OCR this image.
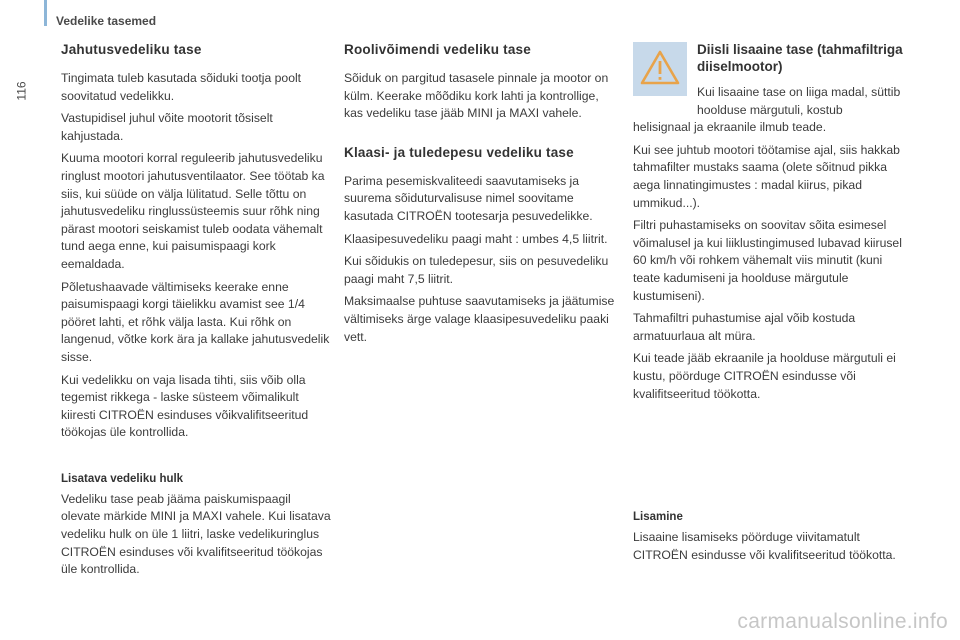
Vedelike tasemed
116
Jahutusvedeliku tase

Tingimata tuleb kasutada sõiduki tootja poolt soovitatud vedelikku.

Vastupidisel juhul võite mootorit tõsiselt kahjustada.

Kuuma mootori korral reguleerib jahutusvedeliku ringlust mootori jahutusventilaator. See töötab ka siis, kui süüde on välja lülitatud. Selle tõttu on jahutusvedeliku ringlussüsteemis suur rõhk ning pärast mootori seiskamist tuleb oodata vähemalt tund aega enne, kui paisumispaagi kork eemaldada.

Põletushaavade vältimiseks keerake enne paisumispaagi korgi täielikku avamist see 1/4 pööret lahti, et rõhk välja lasta. Kui rõhk on langenud, võtke kork ära ja kallake jahutusvedelik sisse.

Kui vedelikku on vaja lisada tihti, siis võib olla tegemist rikkega - laske süsteem võimalikult kiiresti CITROËN esinduses võikvalifitseeritud töökojas üle kontrollida.

Lisatava vedeliku hulk

Vedeliku tase peab jääma paiskumispaagil olevate märkide MINI ja MAXI vahele. Kui lisatava vedeliku hulk on üle 1 liitri, laske vedelikuringlus CITROËN esinduses või kvalifitseeritud töökojas üle kontrollida.

Roolivõimendi vedeliku tase

Sõiduk on pargitud tasasele pinnale ja mootor on külm. Keerake mõõdiku kork lahti ja kontrollige, kas vedeliku tase jääb MINI ja MAXI vahele.

Klaasi- ja tuledepesu vedeliku tase

Parima pesemiskvaliteedi saavutamiseks ja suurema sõiduturvalisuse nimel soovitame kasutada CITROËN tootesarja pesuvedelikke.

Klaasipesuvedeliku paagi maht : umbes 4,5 liitrit.

Kui sõidukis on tuledepesur, siis on pesuvedeliku paagi maht 7,5 liitrit.

Maksimaalse puhtuse saavutamiseks ja jäätumise vältimiseks ärge valage klaasipesuvedeliku paaki vett.

Diisli lisaaine tase (tahmafiltriga diiselmootor)

Kui lisaaine tase on liiga madal, süttib hoolduse märgutuli, kostub helisignaal ja ekraanile ilmub teade.

Kui see juhtub mootori töötamise ajal, siis hakkab tahmafilter mustaks saama (olete sõitnud pikka aega linnatingimustes : madal kiirus, pikad ummikud...).

Filtri puhastamiseks on soovitav sõita esimesel võimalusel ja kui liiklustingimused lubavad kiirusel 60 km/h või rohkem vähemalt viis minutit (kuni teate kadumiseni ja hoolduse märgutule kustumiseni).

Tahmafiltri puhastumise ajal võib kostuda armatuurlaua alt müra.

Kui teade jääb ekraanile ja hoolduse märgutuli ei kustu, pöörduge CITROËN esindusse või kvalifitseeritud töökotta.

Lisamine

Lisaaine lisamiseks pöörduge viivitamatult CITROËN esindusse või kvalifitseeritud töökotta.

carmanualsonline.info
